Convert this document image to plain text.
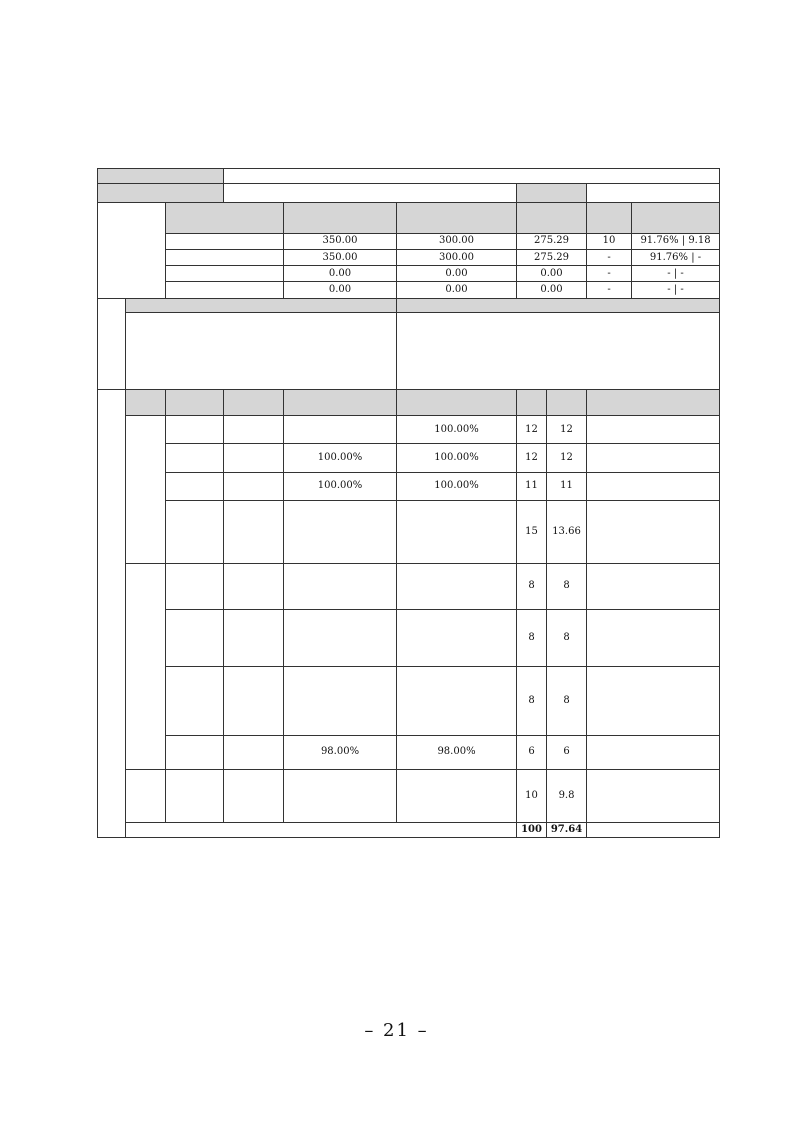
				350.00	300.00	275.29		10	91.76% | 9.18
				350.00	300.00	275.29		-	91.76% | -
				0.00	0.00	0.00		-	- | -
				0.00	0.00	0.00		-	- | -

					100.00%	12	12		
				100.00%	100.00%	12	12		
				100.00%	100.00%	11	11		
						15	13.66		
						8	8		
						8	8		
						8	8		
				98.00%	98.00%	6	6		
						10	9.8		
						100	97.64		
– 21 –
